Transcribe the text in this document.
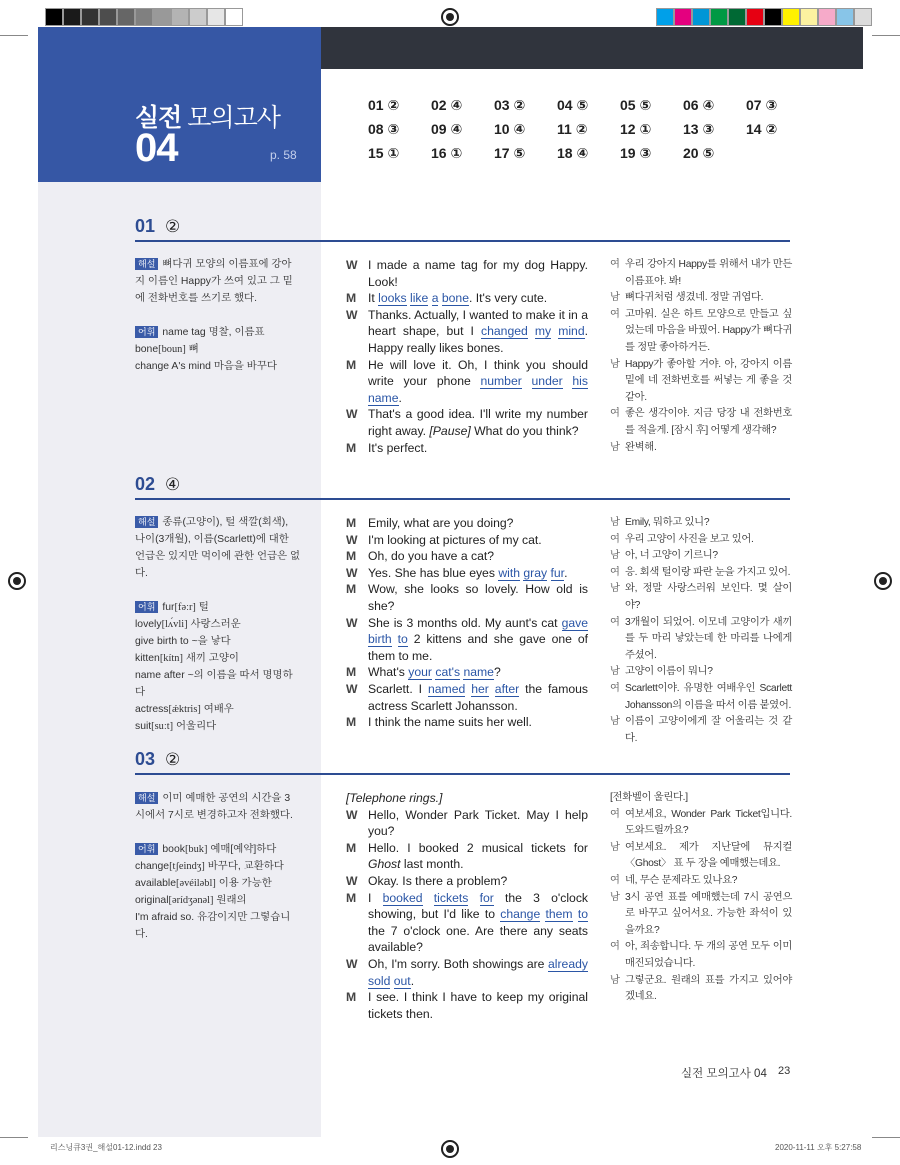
실전 모의고사
04	p. 58
01 ②	02 ④	03 ②	04 ⑤	05 ⑤	06 ④	07 ③
08 ③	09 ④	10 ④	11 ②	12 ①	13 ③	14 ②
15 ①	16 ①	17 ⑤	18 ④	19 ③	20 ⑤
01 ②
해설 뼈다귀 모양의 이름표에 강아지 이름인 Happy가 쓰여 있고 그 밑에 전화번호를 쓰기로 했다.
어휘 name tag 명찰, 이름표
bone[boun] 뼈
change A's mind 마음을 바꾸다
W I made a name tag for my dog Happy. Look!
M It looks like a bone. It's very cute.
W Thanks. Actually, I wanted to make it in a heart shape, but I changed my mind. Happy really likes bones.
M He will love it. Oh, I think you should write your phone number under his name.
W That's a good idea. I'll write my number right away. [Pause] What do you think?
M It's perfect.
여 우리 강아지 Happy를 위해서 내가 만든 이름표야. 봐!
남 뼈다귀처럼 생겼네. 정말 귀엽다.
여 고마워. 실은 하트 모양으로 만들고 싶었는데 마음을 바꿨어. Happy가 뼈다귀를 정말 좋아하거든.
남 Happy가 좋아할 거야. 아, 강아지 이름 밑에 네 전화번호를 써넣는 게 좋을 것 같아.
여 좋은 생각이야. 지금 당장 내 전화번호를 적을게. [잠시 후] 어떻게 생각해?
남 완벽해.
02 ④
해설 종류(고양이), 털 색깔(회색), 나이(3개월), 이름(Scarlett)에 대한 언급은 있지만 먹이에 관한 언급은 없다.
어휘 fur[fəːr] 털
lovely[lʌ́vli] 사랑스러운
give birth to ~을 낳다
kitten[kítn] 새끼 고양이
name after ~의 이름을 따서 명명하다
actress[ǽktris] 여배우
suit[suːt] 어울리다
M Emily, what are you doing?
W I'm looking at pictures of my cat.
M Oh, do you have a cat?
W Yes. She has blue eyes with gray fur.
M Wow, she looks so lovely. How old is she?
W She is 3 months old. My aunt's cat gave birth to 2 kittens and she gave one of them to me.
M What's your cat's name?
W Scarlett. I named her after the famous actress Scarlett Johansson.
M I think the name suits her well.
남 Emily, 뭐하고 있니?
여 우리 고양이 사진을 보고 있어.
남 아, 너 고양이 기르니?
여 응. 회색 털이랑 파란 눈을 가지고 있어.
남 와, 정말 사랑스러워 보인다. 몇 살이야?
여 3개월이 되었어. 이모네 고양이가 새끼를 두 마리 낳았는데 한 마리를 나에게 주셨어.
남 고양이 이름이 뭐니?
여 Scarlett이야. 유명한 여배우인 Scarlett Johansson의 이름을 따서 이름 붙였어.
남 이름이 고양이에게 잘 어울리는 것 같다.
03 ②
해설 이미 예매한 공연의 시간을 3시에서 7시로 변경하고자 전화했다.
어휘 book[buk] 예매[예약]하다
change[tʃeindʒ] 바꾸다, 교환하다
available[əvéiləbl] 이용 가능한
original[ərídʒənəl] 원래의
I'm afraid so. 유감이지만 그렇습니다.
[Telephone rings.]
W Hello, Wonder Park Ticket. May I help you?
M Hello. I booked 2 musical tickets for Ghost last month.
W Okay. Is there a problem?
M I booked tickets for the 3 o'clock showing, but I'd like to change them to the 7 o'clock one. Are there any seats available?
W Oh, I'm sorry. Both showings are already sold out.
M I see. I think I have to keep my original tickets then.
[전화벨이 울린다.]
여 여보세요, Wonder Park Ticket입니다. 도와드릴까요?
남 여보세요. 제가 지난달에 뮤지컬 〈Ghost〉 표 두 장을 예매했는데요.
여 네, 무슨 문제라도 있나요?
남 3시 공연 표를 예매했는데 7시 공연으로 바꾸고 싶어서요. 가능한 좌석이 있을까요?
여 아, 죄송합니다. 두 개의 공연 모두 이미 매진되었습니다.
남 그렇군요. 원래의 표를 가지고 있어야겠네요.
실전 모의고사 04 23
리스닝큐3권_해설01-12.indd 23	2020-11-11 오후 5:27:58
